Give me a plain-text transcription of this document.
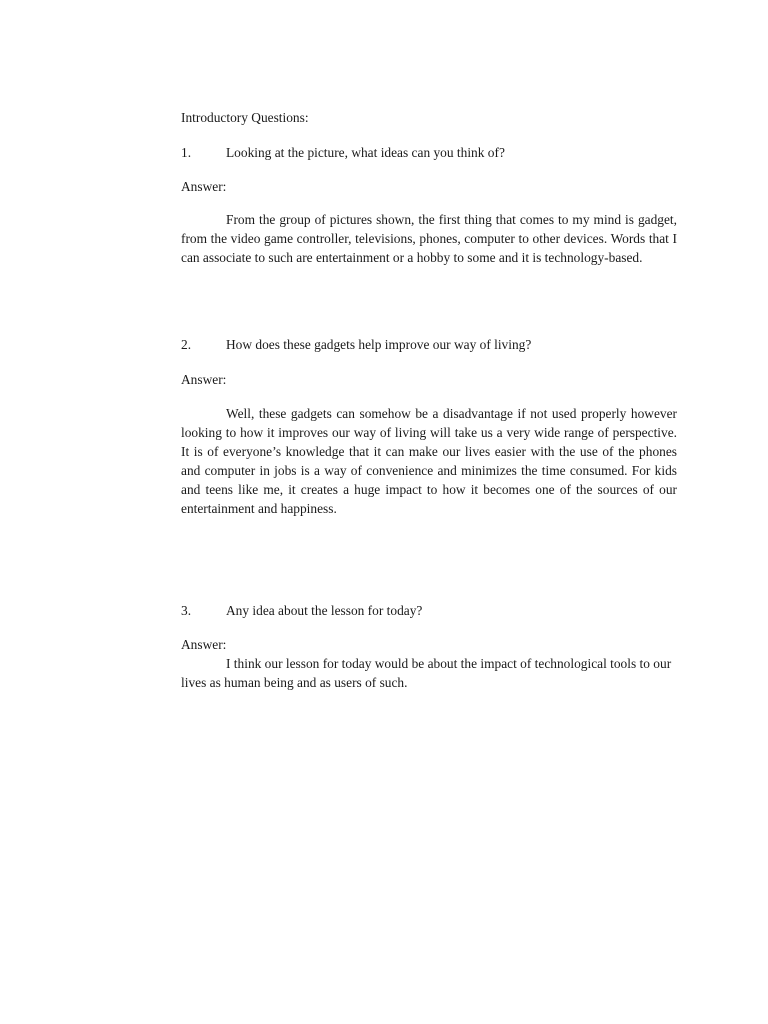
Introductory Questions:
1.	Looking at the picture, what ideas can you think of?
Answer:
From the group of pictures shown, the first thing that comes to my mind is gadget, from the video game controller, televisions, phones, computer to other devices. Words that I can associate to such are entertainment or a hobby to some and it is technology-based.
2.	How does these gadgets help improve our way of living?
Answer:
Well, these gadgets can somehow be a disadvantage if not used properly however looking to how it improves our way of living will take us a very wide range of perspective. It is of everyone’s knowledge that it can make our lives easier with the use of the phones and computer in jobs is a way of convenience and minimizes the time consumed. For kids and teens like me, it creates a huge impact to how it becomes one of the sources of our entertainment and happiness.
3.	Any idea about the lesson for today?
Answer:
I think our lesson for today would be about the impact of technological tools to our lives as human being and as users of such.
